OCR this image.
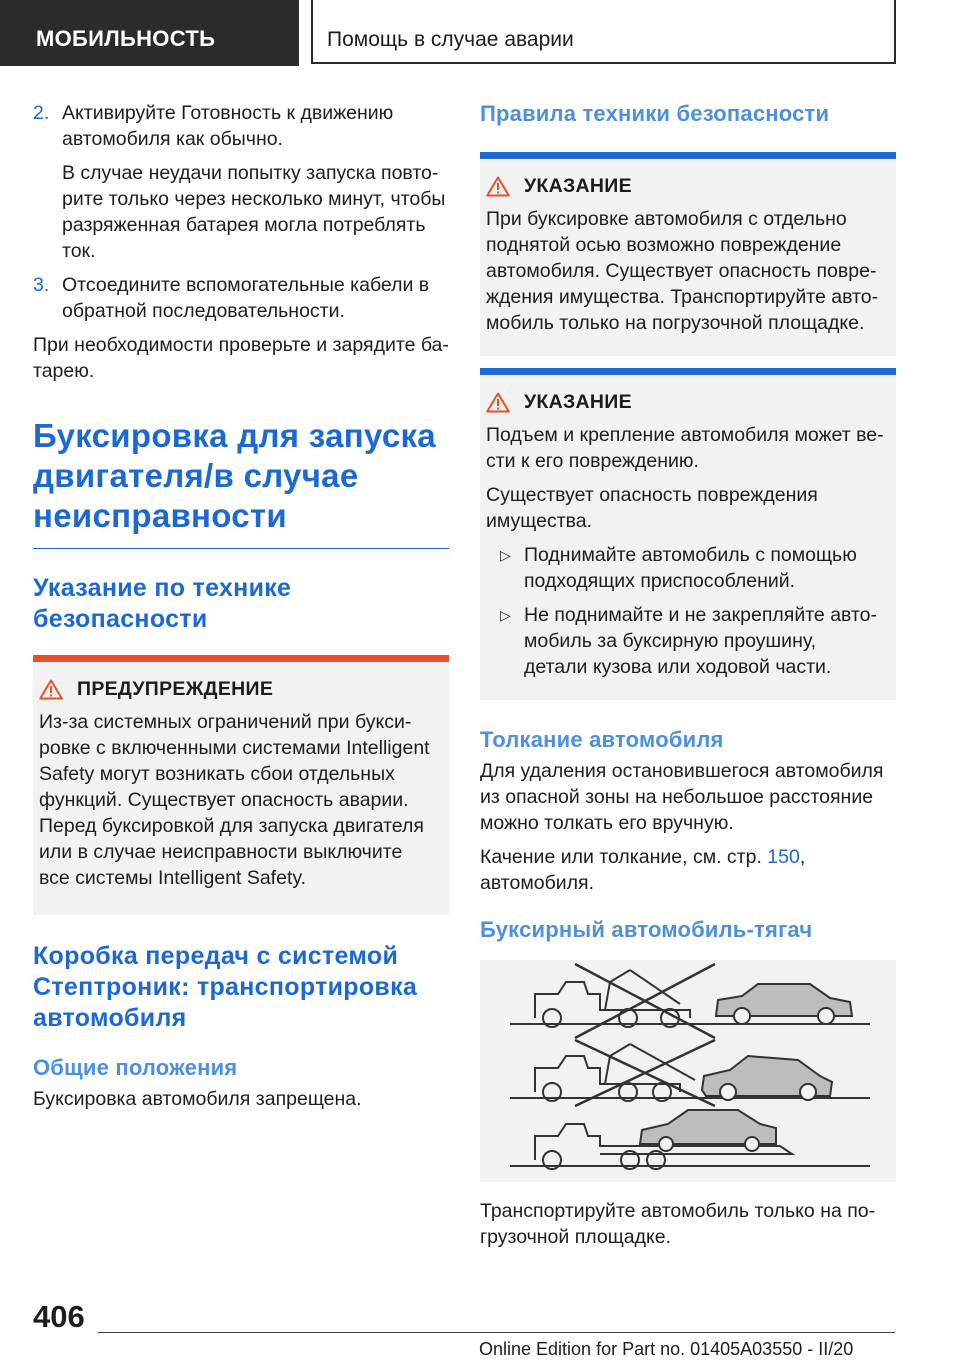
МОБИЛЬНОСТЬ	Помощь в случае аварии
2. Активируйте Готовность к движению автомобиля как обычно.

В случае неудачи попытку запуска повторите только через несколько минут, чтобы разряженная батарея могла потреблять ток.

3. Отсоедините вспомогательные кабели в обратной последовательности.

При необходимости проверьте и зарядите батарею.

Буксировка для запуска двигателя/в случае неисправности
Указание по технике безопасности
ПРЕДУПРЕЖДЕНИЕ

Из-за системных ограничений при буксировке с включенными системами Intelligent Safety могут возникать сбои отдельных функций. Существует опасность аварии. Перед буксировкой для запуска двигателя или в случае неисправности выключите все системы Intelligent Safety.

Коробка передач с системой Стептроник: транспортировка автомобиля
Общие положения

Буксировка автомобиля запрещена.

Правила техники безопасности
УКАЗАНИЕ

При буксировке автомобиля с отдельно поднятой осью возможно повреждение автомобиля. Существует опасность повреждения имущества. Транспортируйте автомобиль только на погрузочной площадке.

УКАЗАНИЕ

Подъем и крепление автомобиля может вести к его повреждению.

Существует опасность повреждения имущества.

▷ Поднимайте автомобиль с помощью подходящих приспособлений.

▷ Не поднимайте и не закрепляйте автомобиль за буксирную проушину, детали кузова или ходовой части.

Толкание автомобиля

Для удаления остановившегося автомобиля из опасной зоны на небольшое расстояние можно толкать его вручную.

Качение или толкание, см. стр. 150, автомобиля.

Буксирный автомобиль-тягач

Транспортируйте автомобиль только на погрузочной площадке.

406
Online Edition for Part no. 01405A03550 - II/20
